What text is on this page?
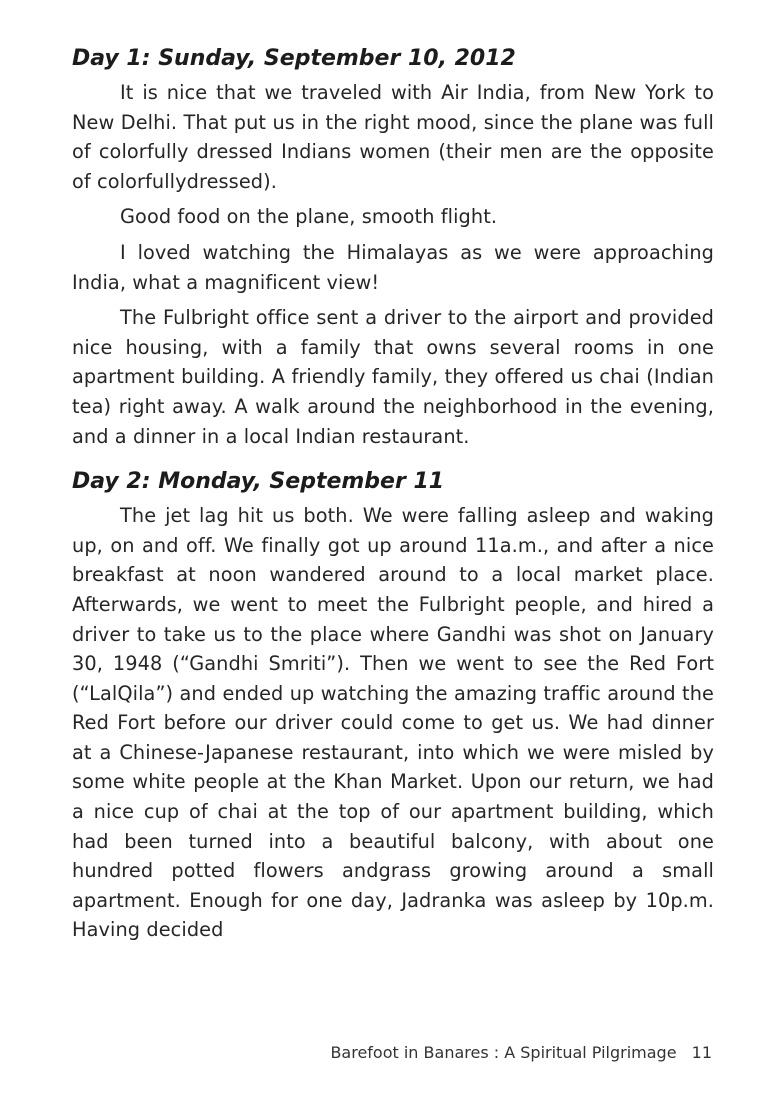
Day 1: Sunday, September 10, 2012

It is nice that we traveled with Air India, from New York to New Delhi. That put us in the right mood, since the plane was full of colorfully dressed Indians women (their men are the opposite of colorfullydressed).

Good food on the plane, smooth flight.

I loved watching the Himalayas as we were approaching India, what a magnificent view!

The Fulbright office sent a driver to the airport and provided nice housing, with a family that owns several rooms in one apartment building. A friendly family, they offered us chai (Indian tea) right away. A walk around the neighborhood in the evening, and a dinner in a local Indian restaurant.

Day 2: Monday, September 11

The jet lag hit us both. We were falling asleep and waking up, on and off. We finally got up around 11a.m., and after a nice breakfast at noon wandered around to a local market place. Afterwards, we went to meet the Fulbright people, and hired a driver to take us to the place where Gandhi was shot on January 30, 1948 (“Gandhi Smriti”). Then we went to see the Red Fort (“LalQila”) and ended up watching the amazing traffic around the Red Fort before our driver could come to get us. We had dinner at a Chinese-Japanese restaurant, into which we were misled by some white people at the Khan Market. Upon our return, we had a nice cup of chai at the top of our apartment building, which had been turned into a beautiful balcony, with about one hundred potted flowers andgrass growing around a small apartment. Enough for one day, Jadranka was asleep by 10p.m. Having decided

Barefoot in Banares : A Spiritual Pilgrimage 11
